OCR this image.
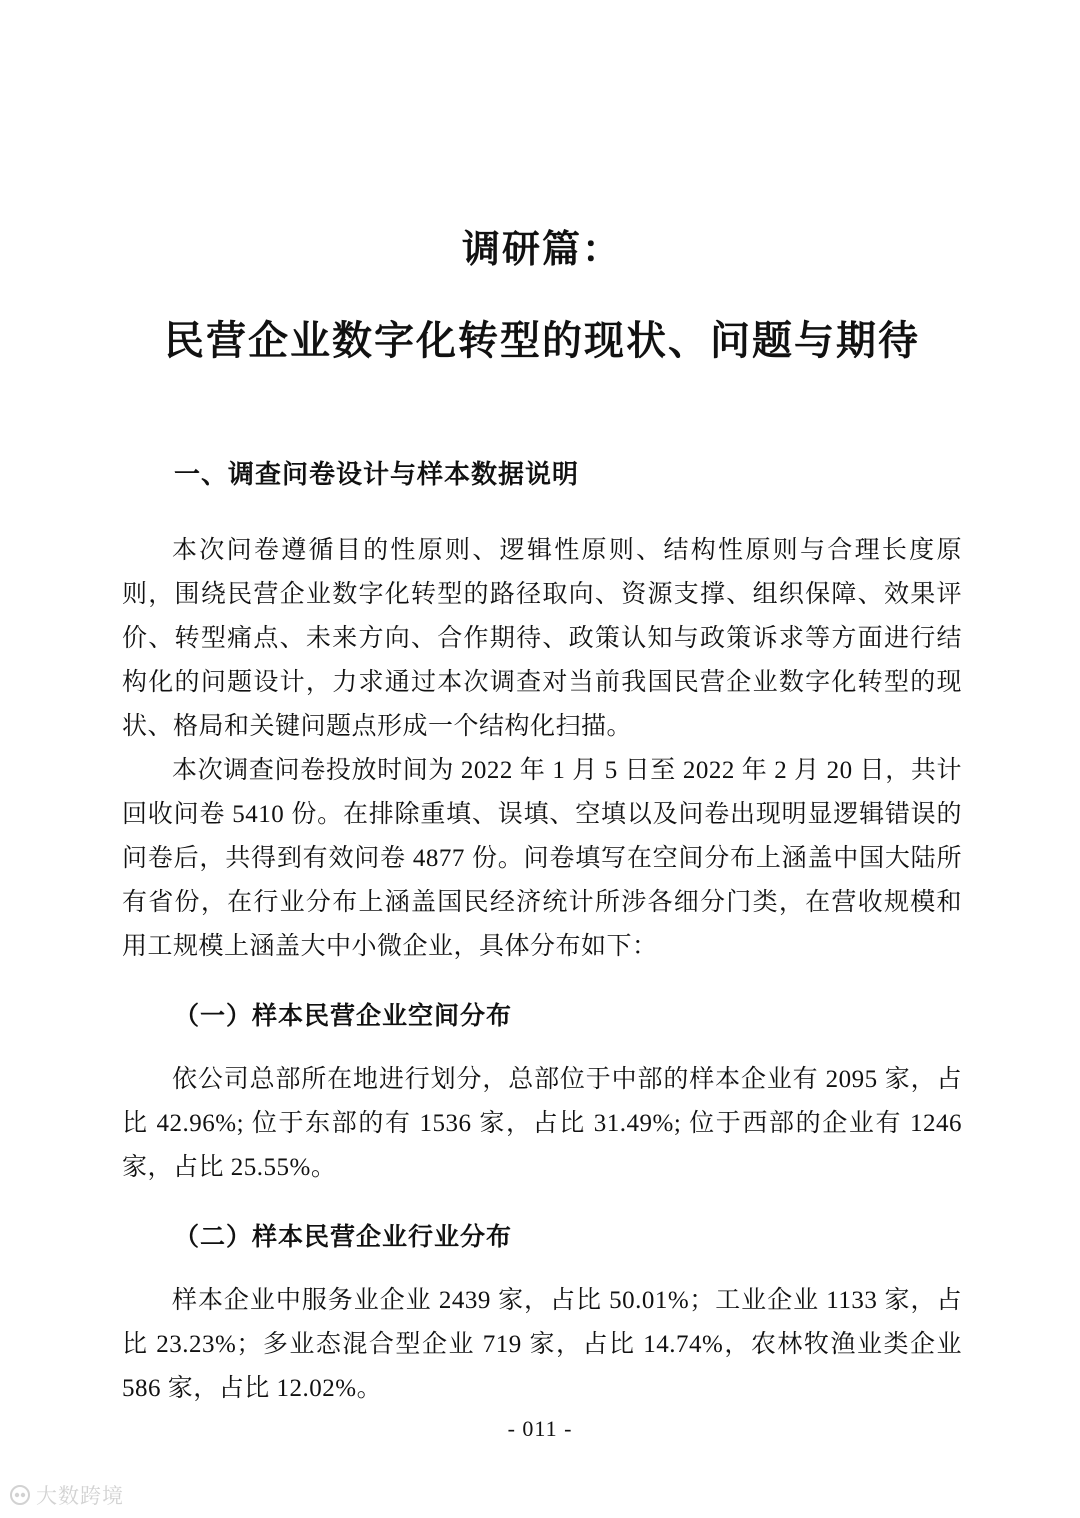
调研篇：
民营企业数字化转型的现状、问题与期待
一、调查问卷设计与样本数据说明

本次问卷遵循目的性原则、逻辑性原则、结构性原则与合理长度原则，围绕民营企业数字化转型的路径取向、资源支撑、组织保障、效果评价、转型痛点、未来方向、合作期待、政策认知与政策诉求等方面进行结构化的问题设计，力求通过本次调查对当前我国民营企业数字化转型的现状、格局和关键问题点形成一个结构化扫描。

本次调查问卷投放时间为 2022 年 1 月 5 日至 2022 年 2 月 20 日，共计回收问卷 5410 份。在排除重填、误填、空填以及问卷出现明显逻辑错误的问卷后，共得到有效问卷 4877 份。问卷填写在空间分布上涵盖中国大陆所有省份，在行业分布上涵盖国民经济统计所涉各细分门类，在营收规模和用工规模上涵盖大中小微企业，具体分布如下：

（一）样本民营企业空间分布

依公司总部所在地进行划分，总部位于中部的样本企业有 2095 家，占比 42.96%; 位于东部的有 1536 家，占比 31.49%; 位于西部的企业有 1246 家，占比 25.55%。

（二）样本民营企业行业分布

样本企业中服务业企业 2439 家，占比 50.01%；工业企业 1133 家，占比 23.23%；多业态混合型企业 719 家，占比 14.74%，农林牧渔业类企业 586 家，占比 12.02%。

- 011 -
大数跨境
